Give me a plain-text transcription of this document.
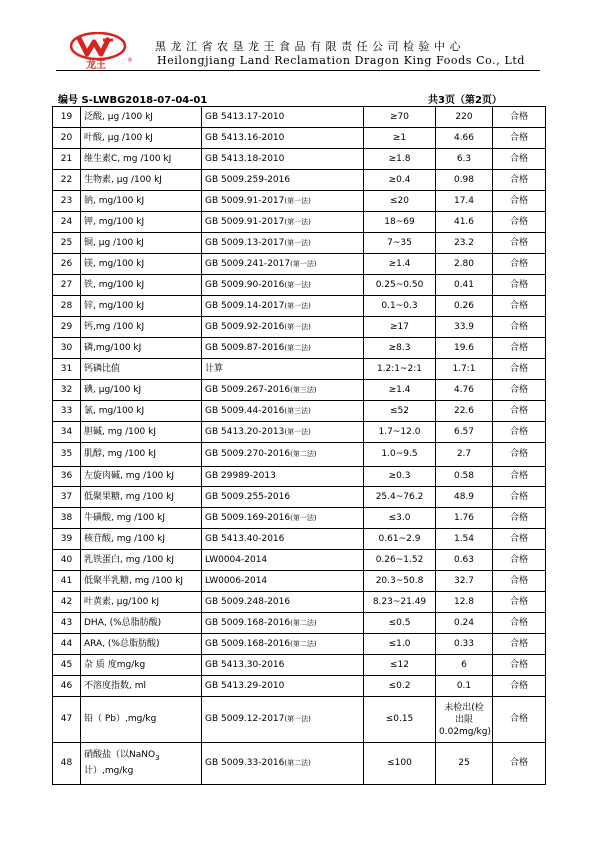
龙王	®
黑龙江省农垦龙王食品有限责任公司检验中心
Heilongjiang Land Reclamation Dragon King Foods Co., Ltd
编号 S-LWBG2018-07-04-01	共3页（第2页）
19	泛酸, μg /100 kJ	GB 5413.17-2010	≥70	220	合格
20	叶酸, μg /100 kJ	GB 5413.16-2010	≥1	4.66	合格
21	维生素C, mg /100 kJ	GB 5413.18-2010	≥1.8	6.3	合格
22	生物素, μg /100 kJ	GB 5009.259-2016	≥0.4	0.98	合格
23	钠, mg/100 kJ	GB 5009.91-2017(第一法)	≤20	17.4	合格
24	钾, mg/100 kJ	GB 5009.91-2017(第一法)	18~69	41.6	合格
25	铜, μg /100 kJ	GB 5009.13-2017(第一法)	7~35	23.2	合格
26	镁, mg/100 kJ	GB 5009.241-2017(第一法)	≥1.4	2.80	合格
27	铁, mg/100 kJ	GB 5009.90-2016(第一法)	0.25~0.50	0.41	合格
28	锌, mg/100 kJ	GB 5009.14-2017(第一法)	0.1~0.3	0.26	合格
29	钙,mg /100 kJ	GB 5009.92-2016(第一法)	≥17	33.9	合格
30	磷,mg/100 kJ	GB 5009.87-2016(第二法)	≥8.3	19.6	合格
31	钙磷比值	计算	1.2:1~2:1	1.7:1	合格
32	碘, μg/100 kJ	GB 5009.267-2016(第三法)	≥1.4	4.76	合格
33	氯, mg/100 kJ	GB 5009.44-2016(第三法)	≤52	22.6	合格
34	胆碱, mg /100 kJ	GB 5413.20-2013(第一法)	1.7~12.0	6.57	合格
35	肌醇, mg /100 kJ	GB 5009.270-2016(第二法)	1.0~9.5	2.7	合格
36	左旋肉碱, mg /100 kJ	GB 29989-2013	≥0.3	0.58	合格
37	低聚果糖, mg /100 kJ	GB 5009.255-2016	25.4~76.2	48.9	合格
38	牛磺酸, mg /100 kJ	GB 5009.169-2016(第一法)	≤3.0	1.76	合格
39	核苷酸, mg /100 kJ	GB 5413.40-2016	0.61~2.9	1.54	合格
40	乳铁蛋白, mg /100 kJ	LW0004-2014	0.26~1.52	0.63	合格
41	低聚半乳糖, mg /100 kJ	LW0006-2014	20.3~50.8	32.7	合格
42	叶黄素, μg/100 kJ	GB 5009.248-2016	8.23~21.49	12.8	合格
43	DHA, (%总脂肪酸)	GB 5009.168-2016(第二法)	≤0.5	0.24	合格
44	ARA, (%总脂肪酸)	GB 5009.168-2016(第二法)	≤1.0	0.33	合格
45	杂 质 度mg/kg	GB 5413.30-2016	≤12	6	合格
46	不溶度指数, ml	GB 5413.29-2010	≤0.2	0.1	合格
47	铅（ Pb）,mg/kg	GB 5009.12-2017(第一法)	≤0.15	未检出(检
出限
0.02mg/kg)	合格
48	硝酸盐（以NaNO$_3$
计）,mg/kg	GB 5009.33-2016(第二法)	≤100	25	合格
